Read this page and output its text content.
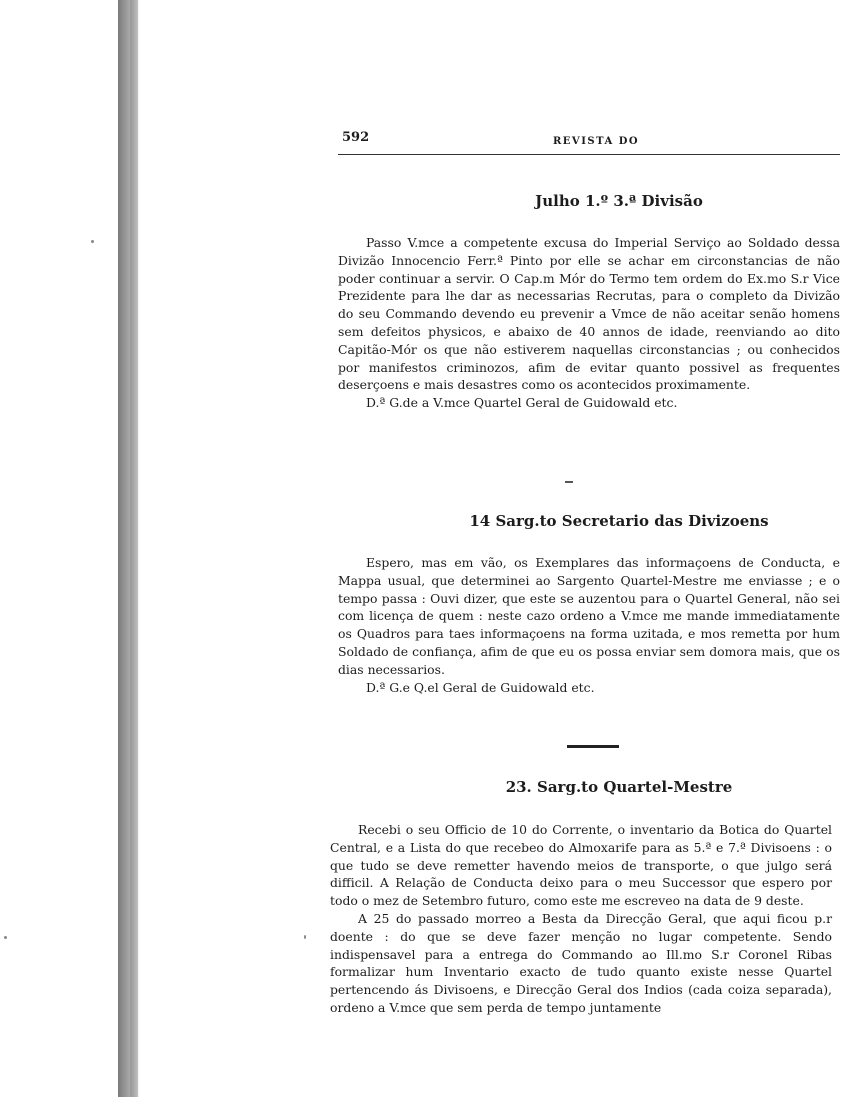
592	REVISTA DO
Julho 1.º 3.ª Divisão

Passo V.mce a competente excusa do Imperial Serviço ao Soldado dessa Divizão Innocencio Ferr.ª Pinto por elle se achar em circonstancias de não poder continuar a servir. O Cap.m Mór do Termo tem ordem do Ex.mo S.r Vice Prezidente para lhe dar as necessarias Recrutas, para o completo da Divizão do seu Commando devendo eu prevenir a Vmce de não aceitar senão homens sem defeitos physicos, e abaixo de 40 annos de idade, reenviando ao dito Capitão-Mór os que não estiverem naquellas circonstancias ; ou conhecidos por manifestos criminozos, afim de evitar quanto possivel as frequentes deserçoens e mais desastres como os acontecidos proximamente.

D.ª G.de a V.mce Quartel Geral de Guidowald etc.
14 Sarg.to Secretario das Divizoens

Espero, mas em vão, os Exemplares das informaçoens de Conducta, e Mappa usual, que determinei ao Sargento Quartel-Mestre me enviasse ; e o tempo passa : Ouvi dizer, que este se auzentou para o Quartel General, não sei com licença de quem : neste cazo ordeno a V.mce me mande immediatamente os Quadros para taes informaçoens na forma uzitada, e mos remetta por hum Soldado de confiança, afim de que eu os possa enviar sem domora mais, que os dias necessarios.

D.ª G.e Q.el Geral de Guidowald etc.
23. Sarg.to Quartel-Mestre

Recebi o seu Officio de 10 do Corrente, o inventario da Botica do Quartel Central, e a Lista do que recebeo do Almoxarife para as 5.ª e 7.ª Divisoens : o que tudo se deve remetter havendo meios de transporte, o que julgo será difficil. A Relação de Conducta deixo para o meu Successor que espero por todo o mez de Setembro futuro, como este me escreveo na data de 9 deste.

A 25 do passado morreo a Besta da Direcção Geral, que aqui ficou p.r doente : do que se deve fazer menção no lugar competente. Sendo indispensavel para a entrega do Commando ao Ill.mo S.r Coronel Ribas formalizar hum Inventario exacto de tudo quanto existe nesse Quartel pertencendo ás Divisoens, e Direcção Geral dos Indios (cada coiza separada), ordeno a V.mce que sem perda de tempo juntamente
